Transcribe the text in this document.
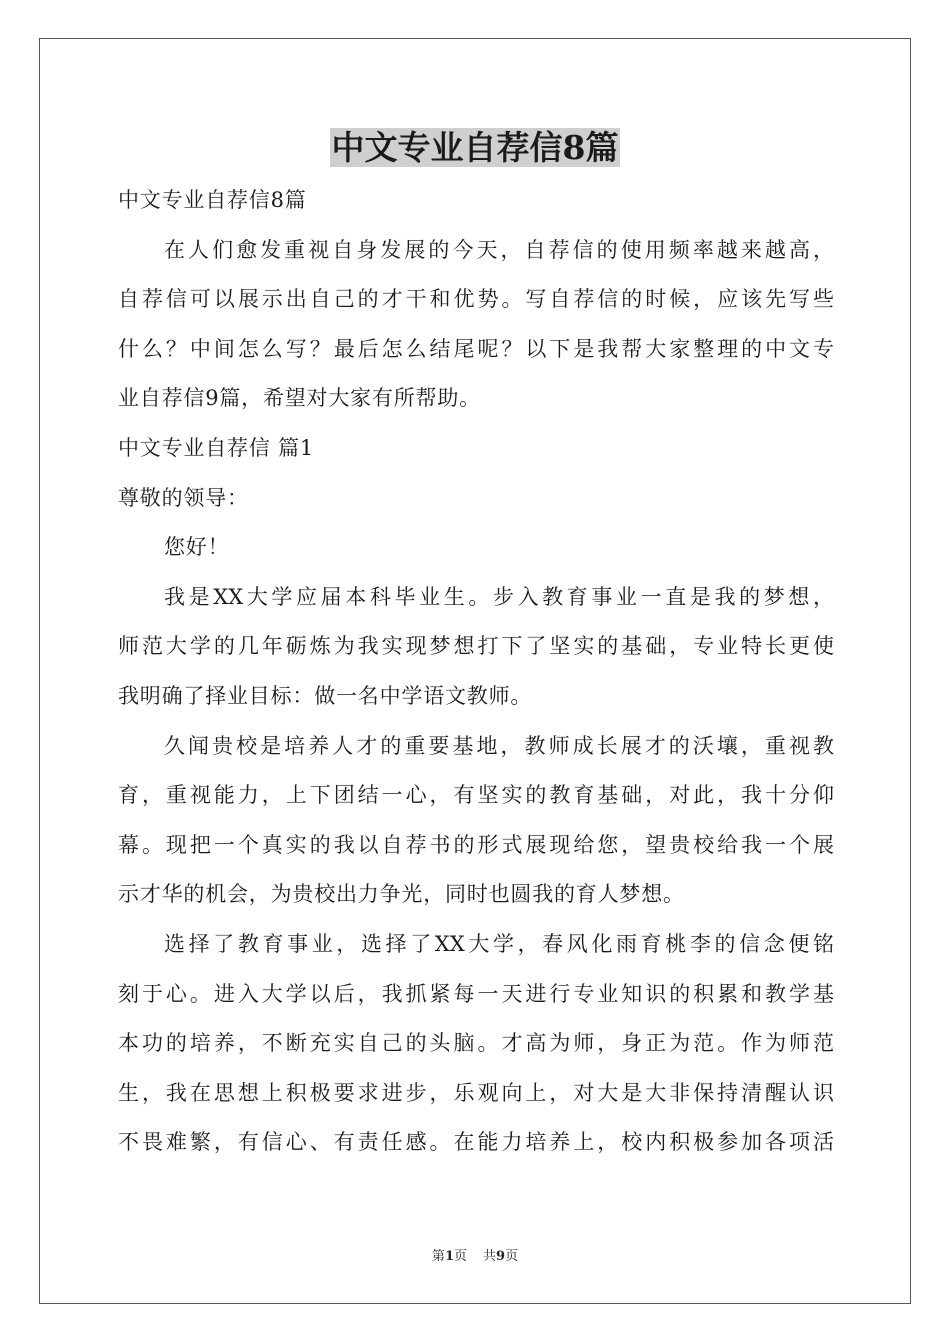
中文专业自荐信8篇

中文专业自荐信8篇

在人们愈发重视自身发展的今天，自荐信的使用频率越来越高，

自荐信可以展示出自己的才干和优势。写自荐信的时候，应该先写些

什么？中间怎么写？最后怎么结尾呢？以下是我帮大家整理的中文专

业自荐信9篇，希望对大家有所帮助。

中文专业自荐信 篇1

尊敬的领导：

您好！

我是XX大学应届本科毕业生。步入教育事业一直是我的梦想，

师范大学的几年砺炼为我实现梦想打下了坚实的基础，专业特长更使

我明确了择业目标：做一名中学语文教师。

久闻贵校是培养人才的重要基地，教师成长展才的沃壤，重视教

育，重视能力，上下团结一心，有坚实的教育基础，对此，我十分仰

幕。现把一个真实的我以自荐书的形式展现给您，望贵校给我一个展

示才华的机会，为贵校出力争光，同时也圆我的育人梦想。

选择了教育事业，选择了XX大学，春风化雨育桃李的信念便铭

刻于心。进入大学以后，我抓紧每一天进行专业知识的积累和教学基

本功的培养，不断充实自己的头脑。才高为师，身正为范。作为师范

生，我在思想上积极要求进步，乐观向上，对大是大非保持清醒认识

不畏难繁，有信心、有责任感。在能力培养上，校内积极参加各项活

第1页 共9页
